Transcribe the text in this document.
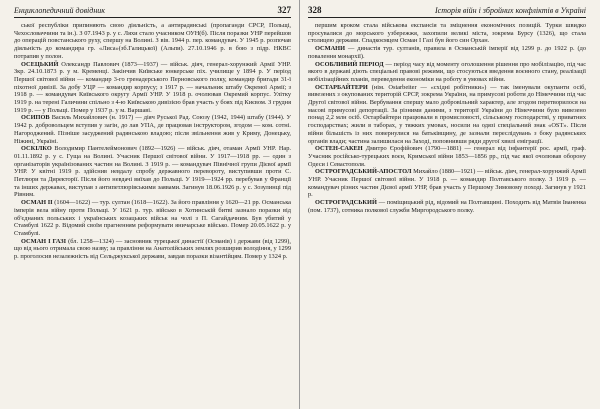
Енциклопедичний довідник	327

ської республіки припиняють свою діяльність, а антирадянські (пропаганди СРСР, Польщі, Чехословаччини та ін.). З 07.1943 р. у с. Ляхи стало учасником ОУН(б). Після поразки УНР перейшов до операцій повстанського руху, спершу на Волині. З вів. 1944 р. пер. командувач. У 1945 р. розпочав діяльність до командира гр. «Лиса»(зб.Галицької) (Альпи). 27.10.1946 р. в бою з підр. НКВС потрапив у полон.

ОСЕЦЬКИЙ Олександр Павлович (1873—1937) — військ. діяч, генерал-хорунжий Армії УНР. Зкр. 24.10.1873 р. у м. Кременці. Закінчив Київське юнкерське піх. училище у 1894 р. У період Першої світової війни — командир 3-го гренадерського Перновського полку, командир бригади 31-ї піхотної дивізії. За добу УЦР — командир корпусу; з 1917 р. — начальник штабу Окремої Армії; з 1918 р. — командувач Київського округу Армії УНР. У 1918 р. очолював Окремий корпус. Улітку 1919 р. на терені Галичини спільно з 4-ю Київською дивізією брав участь у боях під Києвом. З грудня 1919 р. — у Польщі. Помер у 1937 р. у м. Варшаві.

ОСИПОВ Василь Михайлович (н. 1917) — діяч Руської Рад. Союзу (1942, 1944) штабу (1944). У 1942 р. добровольцем вступив у загін, до лав УПА, де працював інструктором, згодом — ком. сотні. Нагороджений. Пізніше засуджений радянською владою; після звільнення жив у Криму, Донецьку, Ніжині, Україні.

ОСКІЛКО Володимир Пантелеймонович (1892—1926) — військ. діяч, отаман Армії УНР. Нар. 01.11.1892 р. у с. Гуща на Волині. Учасник Першої світової війни. У 1917—1918 рр. — один з організаторів українізованих частин на Волині. З 1919 р. — командувач Північної групи Дієвої армії УНР. У квітні 1919 р. здійснив невдалу спробу державного перевороту, виступивши проти С. Петлюри та Директорії. Після його невдачі виїхав до Польщі. У 1919—1924 рр. перебував у Франції та інших державах, виступав з антипетлюрівськими заявами. Загинув 18.06.1926 р. у с. Зозулинці під Рівним.

ОСМАН II (1604—1622) — тур. султан (1618—1622). За його правління у 1620—21 рр. Османська імперія вела війну проти Польщі. У 1621 р. тур. військо в Хотинській битві зазнало поразки від об'єднаних польських і українських козацьких військ на чолі з П. Сагайдачним. Був убитий у Стамбулі 1622 р. Відомий своїм прагненням реформувати яничарське військо. Помер 20.05.1622 р. у Стамбулі.

ОСМАН І ГАЗІ (бл. 1258—1324) — засновник турецької династії (Османів) і держави (від 1299), що від нього отримала свою назву; за правління на Анатолійських землях розширив володіння, у 1299 р. проголосив незалежність від Сельджукської держави, завдав поразки візантійцям. Помер у 1324 р.

328	Історія війн і збройних конфліктів в Україні

першим кроком стала військова експансія та зміцнення економічних позицій. Турки швидко просувалися до морського узбережжя, захопили великі міста, зокрема Бурсу (1326), що стала столицею держави. Спадкоємцем Осман І Газі був його син Орхан.

ОСМАНИ — династія тур. султанів, правила в Османській імперії від 1299 р. до 1922 р. (до повалення монархії).

ОСОБЛИВИЙ ПЕРІОД — період часу від моменту оголошення рішення про мобілізацію, під час якого в державі діють спеціальні правові режими, що стосуються введення воєнного стану, реалізації мобілізаційних планів, переведення економіки на роботу в умовах війни.

ОСТАРБАЙТЕРИ (нім. Ostarbeiter — «східні робітники») — так іменували окупанти осіб, вивезених з окупованих територій СРСР, зокрема України, на примусові роботи до Німеччини під час Другої світової війни. Вербування спершу мало добровільний характер, але згодом перетворилося на масові примусові депортації. За різними даними, з території України до Німеччини було вивезено понад 2,2 млн осіб. Остарбайтери працювали в промисловості, сільському господарстві, у приватних господарствах; жили в таборах, у тяжких умовах, носили на одязі спеціальний знак «OST». Після війни більшість із них повернулися на батьківщину, де зазнали переслідувань з боку радянських органів влади; частина залишилася на Заході, поповнивши ряди другої хвилі еміграції.

ОСТЕН-САКЕН Дмитро Єрофійович (1790—1881) — генерал від інфантерії рос. армії, граф. Учасник російсько-турецьких воєн, Кримської війни 1853—1856 рр., під час якої очолював оборону Одеси і Севастополя.

ОСТРОГРАДСЬКИЙ-АПОСТОЛ Михайло (1880—1921) — військ. діяч, генерал-хорунжий Армії УНР. Учасник Першої світової війни. У 1918 р. — командир Полтавського полку. З 1919 р. — командувач різних частин Дієвої армії УНР, брав участь у Першому Зимовому поході. Загинув у 1921 р.

ОСТРОГРАДСЬКИЙ — поміщицький рід, відомий на Полтавщині. Походить від Матвія Іваненка (пом. 1737), сотника полкової служби Миргородського полку.
